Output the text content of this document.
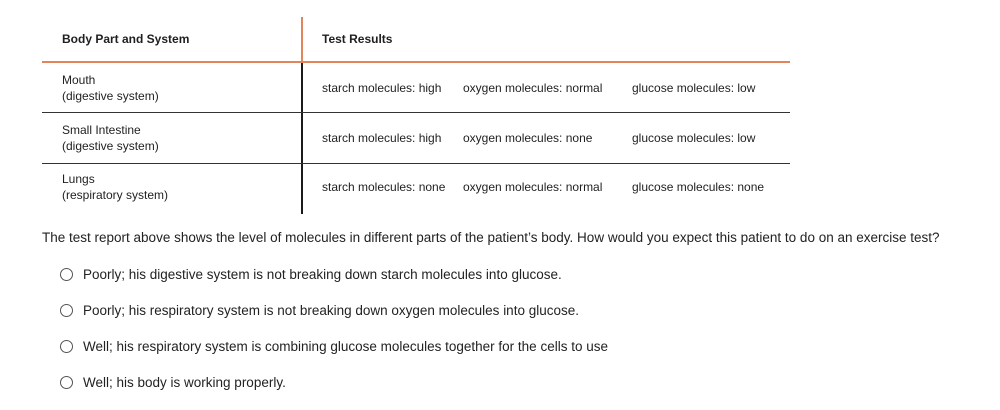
Body Part and System	Test Results
Mouth
(digestive system)
starch molecules: high oxygen molecules: normal glucose molecules: low
Small Intestine
(digestive system)
starch molecules: high oxygen molecules: none	glucose molecules: low
Lungs
(respiratory system)
starch molecules: none oxygen molecules: normal glucose molecules: none
The test report above shows the level of molecules in different parts of the patient’s body. How would you expect this patient to do on an exercise test?
Poorly; his digestive system is not breaking down starch molecules into glucose.
Poorly; his respiratory system is not breaking down oxygen molecules into glucose.
Well; his respiratory system is combining glucose molecules together for the cells to use
Well; his body is working properly.
